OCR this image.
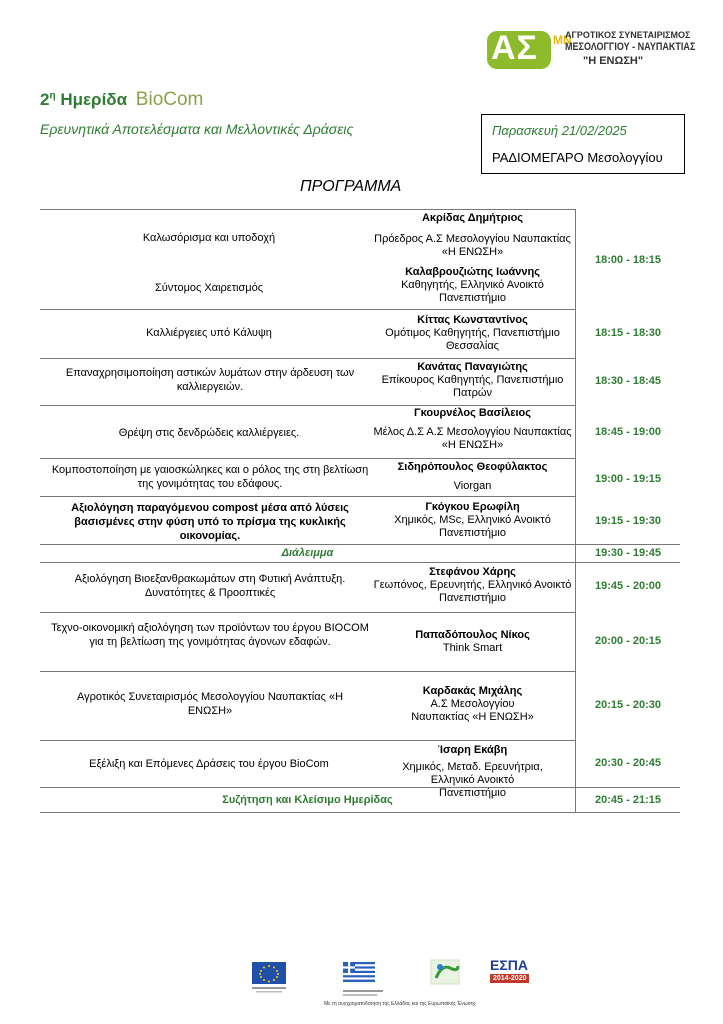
ΑΣ ΜΝ
ΑΓΡΟΤΙΚΟΣ ΣΥΝΕΤΑΙΡΙΣΜΟΣ
ΜΕΣΟΛΟΓΓΙΟΥ - ΝΑΥΠΑΚΤΙΑΣ
"Η ΕΝΩΣΗ"
$2^\eta$ Ημερίδα BioCom
Ερευνητικά Αποτελέσματα και Μελλοντικές Δράσεις	Παρασκευή 21/02/2025
ΡΑΔΙΟΜΕΓΑΡΟ Μεσολογγίου
ΠΡΟΓΡΑΜΜΑ
Καλωσόρισμα και υποδοχή
Ακρίδας Δημήτριος
Πρόεδρος Α.Σ Μεσολογγίου Ναυπακτίας «Η ΕΝΩΣΗ»
Σύντομος Χαιρετισμός
Καλαβρουζιώτης Ιωάννης
Καθηγητής, Ελληνικό Ανοικτό Πανεπιστήμιο
Καλλιέργειες υπό Κάλυψη
Κίττας Κωνσταντίνος
Ομότιμος Καθηγητής, Πανεπιστήμιο Θεσσαλίας
Επαναχρησιμοποίηση αστικών λυμάτων στην άρδευση των καλλιεργειών.
Κανάτας Παναγιώτης
Επίκουρος Καθηγητής, Πανεπιστήμιο Πατρών
Θρέψη στις δενδρώδεις καλλιέργειες.
Γκουρνέλος Βασίλειος
Μέλος Δ.Σ Α.Σ Μεσολογγίου Ναυπακτίας «Η ΕΝΩΣΗ»
Κομποστοποίηση με γαιοσκώληκες και ο ρόλος της στη βελτίωση της γονιμότητας του εδάφους.
Σιδηρόπουλος Θεοφύλακτος
Viorgan
Αξιολόγηση παραγόμενου compost μέσα από λύσεις βασισμένες στην φύση υπό το πρίσμα της κυκλικής οικονομίας.
Γκόγκου Ερωφίλη
Χημικός, MSc, Ελληνικό Ανοικτό Πανεπιστήμιο
Διάλειμμα
Αξιολόγηση Βιοεξανθρακωμάτων στη Φυτική Ανάπτυξη. Δυνατότητες & Προοπτικές
Στεφάνου Χάρης
Γεωπόνος, Ερευνητής, Ελληνικό Ανοικτό Πανεπιστήμιο
Τεχνο-οικονομική αξιολόγηση των προϊόντων του έργου BIOCOM για τη βελτίωση της γονιμότητας άγονων εδαφών.
Παπαδόπουλος Νίκος
Think Smart
Αγροτικός Συνεταιρισμός Μεσολογγίου Ναυπακτίας «Η ΕΝΩΣΗ»
Καρδακάς Μιχάλης
Α.Σ Μεσολογγίου Ναυπακτίας «Η ΕΝΩΣΗ»
Εξέλιξη και Επόμενες Δράσεις του έργου BioCom
Ίσαρη Εκάβη
Χημικός, Μεταδ. Ερευνήτρια, Ελληνικό Ανοικτό Πανεπιστήμιο
Συζήτηση και Κλείσιμο Ημερίδας
18:00 - 18:15
18:15 - 18:30
18:30 - 18:45
18:45 - 19:00
19:00 - 19:15
19:15 - 19:30
19:30 - 19:45
19:45 - 20:00
20:00 - 20:15
20:15 - 20:30
20:30 - 20:45
20:45 - 21:15
ΕΣΠΑ
2014-2020
Με τη συγχρηματοδότηση της Ελλάδας και της Ευρωπαϊκής Ένωσης
